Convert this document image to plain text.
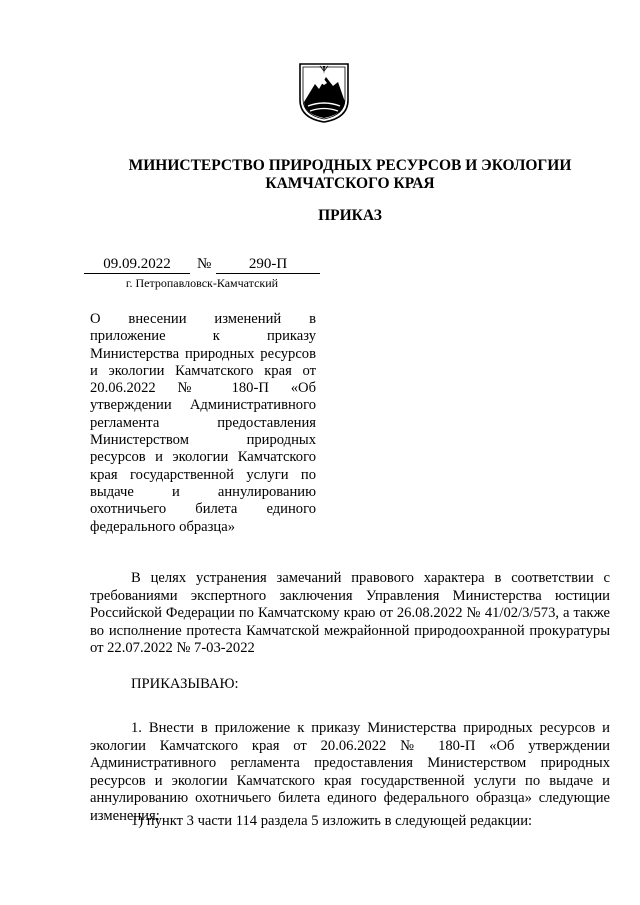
МИНИСТЕРСТВО ПРИРОДНЫХ РЕСУРСОВ И ЭКОЛОГИИ
КАМЧАТСКОГО КРАЯ
ПРИКАЗ
09.09.2022	№	290-П
г. Петропавловск-Камчатский
О внесении изменений в приложение к приказу Министерства природных ресурсов и экологии Камчатского края от 20.06.2022 № 180-П «Об утверждении Административного регламента предоставления Министерством природных ресурсов и экологии Камчатского края государственной услуги по выдаче и аннулированию охотничьего билета единого федерального образца»

В целях устранения замечаний правового характера в соответствии с требованиями экспертного заключения Управления Министерства юстиции Российской Федерации по Камчатскому краю от 26.08.2022 № 41/02/3/573, а также во исполнение протеста Камчатской межрайонной природоохранной прокуратуры от 22.07.2022 № 7-03-2022

ПРИКАЗЫВАЮ:

1. Внести в приложение к приказу Министерства природных ресурсов и экологии Камчатского края от 20.06.2022 № 180-П «Об утверждении Административного регламента предоставления Министерством природных ресурсов и экологии Камчатского края государственной услуги по выдаче и аннулированию охотничьего билета единого федерального образца» следующие изменения:

1) пункт 3 части 114 раздела 5 изложить в следующей редакции:
